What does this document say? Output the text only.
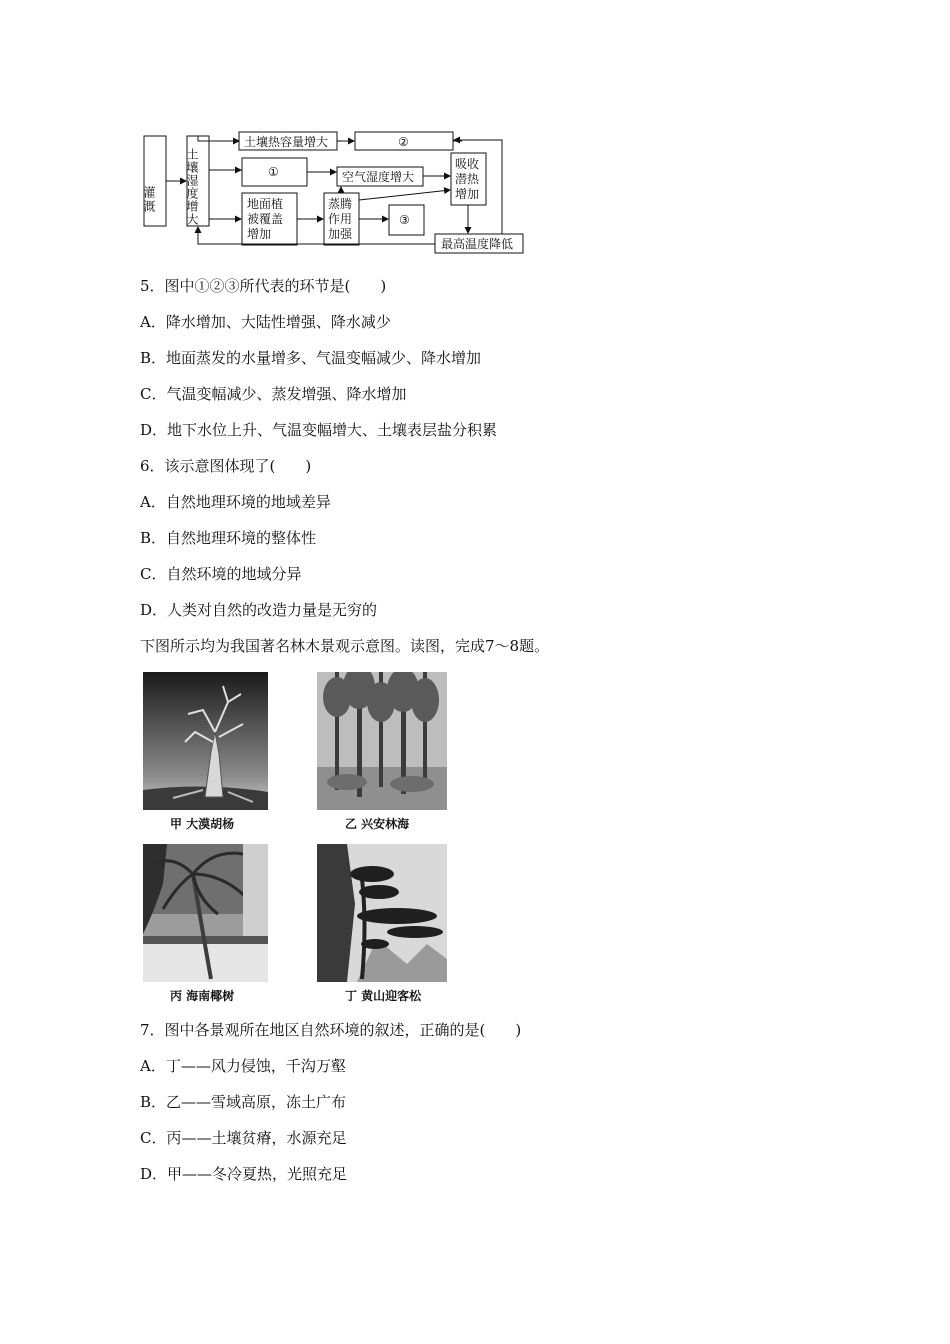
灌溉 土壤湿度增大
土壤热容量增大	②
①	空气湿度增大
吸收
潜热
增加
地面植
被覆盖
增加
蒸腾
作用
加强
③
最高温度降低
5．图中①②③所代表的环节是(　　)
A．降水增加、大陆性增强、降水减少
B．地面蒸发的水量增多、气温变幅减少、降水增加
C．气温变幅减少、蒸发增强、降水增加
D．地下水位上升、气温变幅增大、土壤表层盐分积累
6．该示意图体现了(　　)
A．自然地理环境的地域差异
B．自然地理环境的整体性
C．自然环境的地域分异
D．人类对自然的改造力量是无穷的
下图所示均为我国著名林木景观示意图。读图，完成7～8题。
甲 大漠胡杨	乙 兴安林海
丙 海南椰树	丁 黄山迎客松
7．图中各景观所在地区自然环境的叙述，正确的是(　　)
A．丁——风力侵蚀，千沟万壑
B．乙——雪域高原，冻土广布
C．丙——土壤贫瘠，水源充足
D．甲——冬冷夏热，光照充足
